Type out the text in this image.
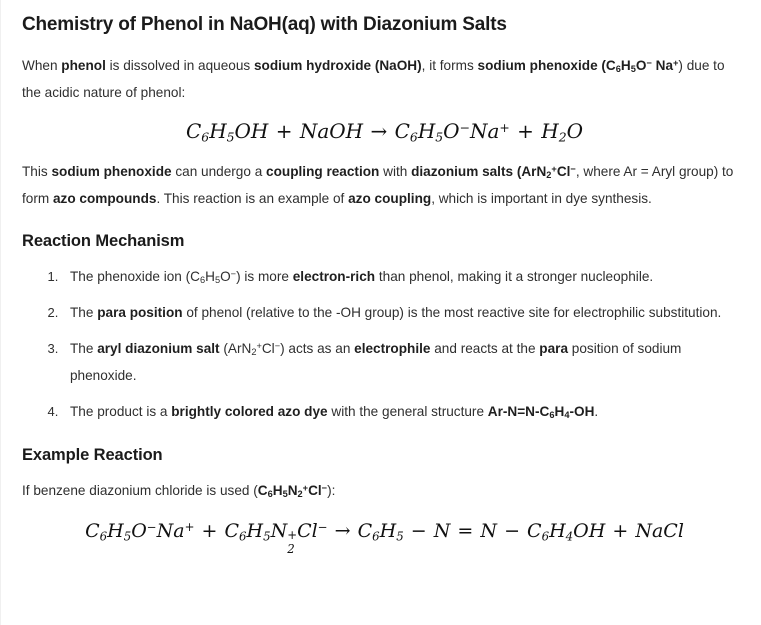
Chemistry of Phenol in NaOH(aq) with Diazonium Salts

When phenol is dissolved in aqueous sodium hydroxide (NaOH), it forms sodium phenoxide ($C_6H_5O^-$ Na+) due to the acidic nature of phenol:

$C_6H_5OH$ + NaOH → $C_6H_5O^-Na^+ + H_2O$

This sodium phenoxide can undergo a coupling reaction with diazonium salts (ArN$_2$+Cl−, where Ar = Aryl group) to form azo compounds. This reaction is an example of azo coupling, which is important in dye synthesis.

Reaction Mechanism
1. The phenoxide ion $(C_6H_5O^-)$ is more electron-rich than phenol, making it a stronger nucleophile.
2. The para position of phenol (relative to the -OH group) is the most reactive site for electrophilic substitution.
3. The aryl diazonium salt (ArN$_2$+Cl−) acts as an electrophile and reacts at the para position of sodium phenoxide.
4. The product is a brightly colored azo dye with the general structure $Ar-N=N-C_6H_4-OH$.
Example Reaction

If benzene diazonium chloride is used $(C_6H_5N_2^+Cl^-)$:

$C_6H_5O^-Na^+ + C_6H_5N$ +
2
$Cl^- \to C_6H_5 - N = N - C_6H_4OH$ + NaCl
